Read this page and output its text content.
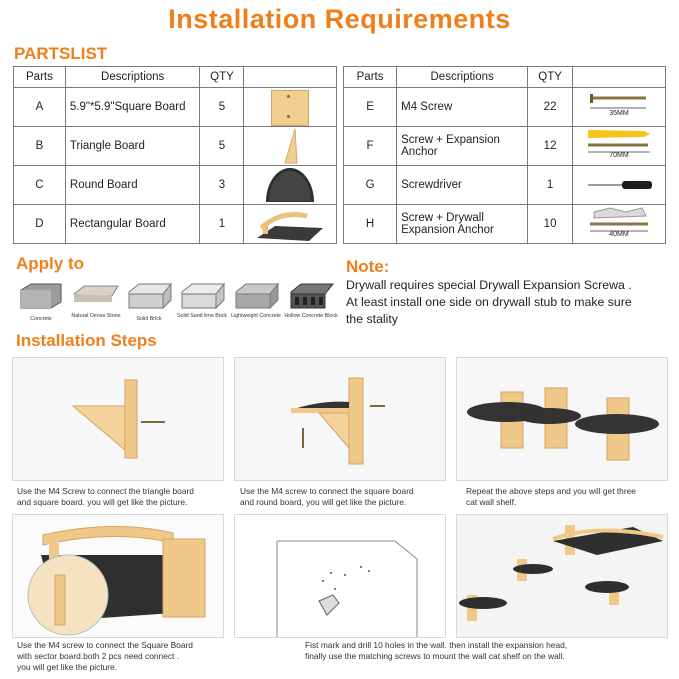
Installation Requirements
PARTSLIST
Parts	Descriptions	QTY	
A	5.9"*5.9"Square Board	5	

B	Triangle Board	5	

C	Round Board	3	

D	Rectangular Board	1	
Parts	Descriptions	QTY	
E	M4 Screw	22	35MM

F	Screw + Expansion Anchor	12	70MM

G	Screwdriver	1	

H	Screw + Drywall Expansion Anchor	10	40MM
Apply to
Concrete	Natural Dense Stone	Solid Brick	Solid Sand lime Brick Lightweight Concrete Hollow Concrete Block
Note:
Drywall requires special Drywall Expansion Screwa .
At least install one side on drywall stub to make sure
the stality
Installation Steps
Use the M4 Screw to connect the triangle board
and square board. you will get like the picture.
Use the M4 screw to connect the square board
and round board, you will get like the picture.
Repeat the above steps and you will get three
cat wall shelf.
Use the M4 screw to connect the Square Board
with sector board.both 2 pcs need connect .
you will get like the picture.
Fist mark and drill 10 holes in the wall. then install the expansion head,
finally use the matching screws to mount the wall cat shelf on the wall.
